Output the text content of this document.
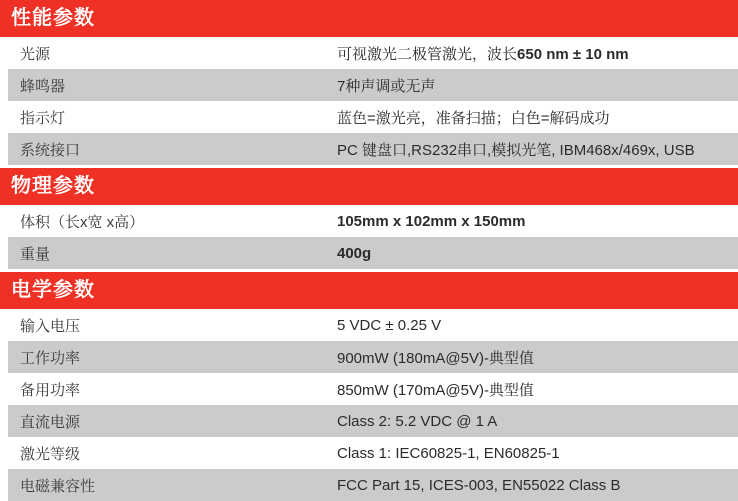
性能参数
光源	可视激光二极管激光，波长650 nm ± 10 nm
蜂鸣器	7种声调或无声
指示灯	蓝色=激光亮，准备扫描；白色=解码成功
系统接口	PC 键盘口,RS232串口,模拟光笔, IBM468x/469x, USB
物理参数
体积（长x宽 x高）	105mm x 102mm x 150mm
重量	400g
电学参数
输入电压	5 VDC ± 0.25 V
工作功率	900mW (180mA@5V)-典型值
备用功率	850mW (170mA@5V)-典型值
直流电源	Class 2: 5.2 VDC @ 1 A
激光等级	Class 1: IEC60825-1, EN60825-1
电磁兼容性	FCC Part 15, ICES-003, EN55022 Class B
